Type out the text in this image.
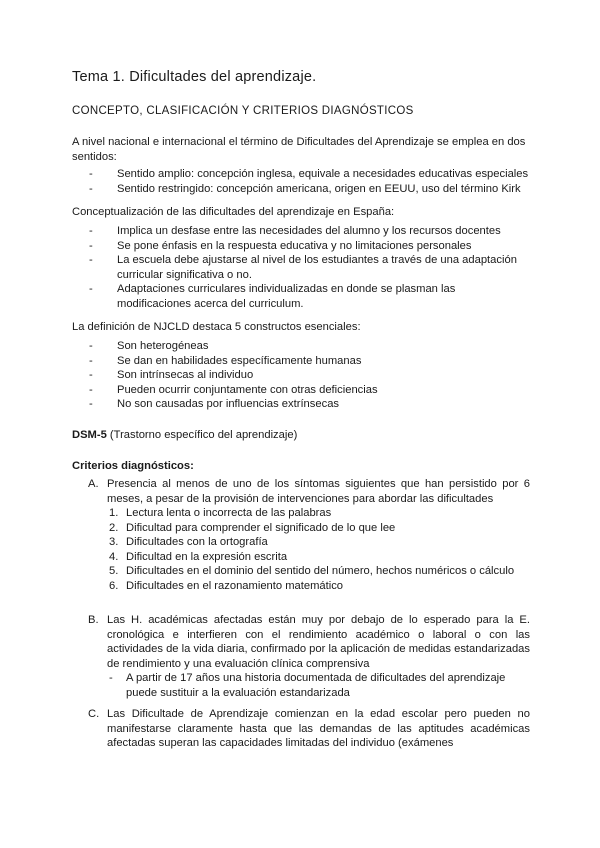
Tema 1. Dificultades del aprendizaje.
CONCEPTO, CLASIFICACIÓN Y CRITERIOS DIAGNÓSTICOS
A nivel nacional e internacional el término de Dificultades del Aprendizaje se emplea en dos sentidos:
- Sentido amplio: concepción inglesa, equivale a necesidades educativas especiales
- Sentido restringido: concepción americana, origen en EEUU, uso del término Kirk
Conceptualización de las dificultades del aprendizaje en España:
- Implica un desfase entre las necesidades del alumno y los recursos docentes
- Se pone énfasis en la respuesta educativa y no limitaciones personales
- La escuela debe ajustarse al nivel de los estudiantes a través de una adaptación curricular significativa o no.
- Adaptaciones curriculares individualizadas en donde se plasman las modificaciones acerca del curriculum.
La definición de NJCLD destaca 5 constructos esenciales:
- Son heterogéneas
- Se dan en habilidades específicamente humanas
- Son intrínsecas al individuo
- Pueden ocurrir conjuntamente con otras deficiencias
- No son causadas por influencias extrínsecas
DSM-5 (Trastorno específico del aprendizaje)
Criterios diagnósticos:
A. Presencia al menos de uno de los síntomas siguientes que han persistido por 6 meses, a pesar de la provisión de intervenciones para abordar las dificultades
1. Lectura lenta o incorrecta de las palabras
2. Dificultad para comprender el significado de lo que lee
3. Dificultades con la ortografía
4. Dificultad en la expresión escrita
5. Dificultades en el dominio del sentido del número, hechos numéricos o cálculo
6. Dificultades en el razonamiento matemático
B. Las H. académicas afectadas están muy por debajo de lo esperado para la E. cronológica e interfieren con el rendimiento académico o laboral o con las actividades de la vida diaria, confirmado por la aplicación de medidas estandarizadas de rendimiento y una evaluación clínica comprensiva
- A partir de 17 años una historia documentada de dificultades del aprendizaje puede sustituir a la evaluación estandarizada
C. Las Dificultade de Aprendizaje comienzan en la edad escolar pero pueden no manifestarse claramente hasta que las demandas de las aptitudes académicas afectadas superan las capacidades limitadas del individuo (exámenes
